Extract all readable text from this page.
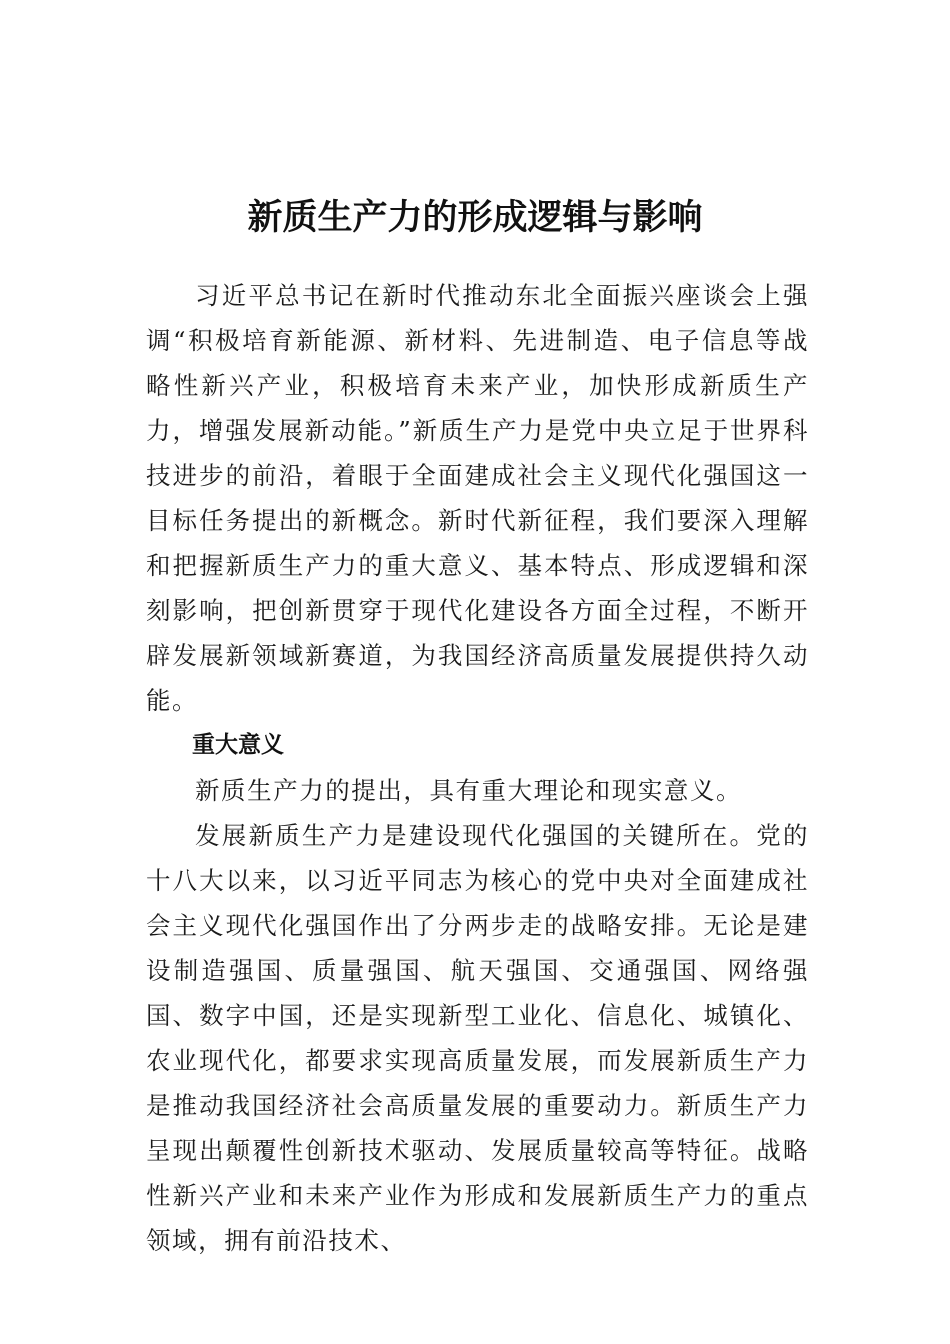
新质生产力的形成逻辑与影响

习近平总书记在新时代推动东北全面振兴座谈会上强调“积极培育新能源、新材料、先进制造、电子信息等战略性新兴产业，积极培育未来产业，加快形成新质生产力，增强发展新动能。”新质生产力是党中央立足于世界科技进步的前沿，着眼于全面建成社会主义现代化强国这一目标任务提出的新概念。新时代新征程，我们要深入理解和把握新质生产力的重大意义、基本特点、形成逻辑和深刻影响，把创新贯穿于现代化建设各方面全过程，不断开辟发展新领域新赛道，为我国经济高质量发展提供持久动能。

重大意义

新质生产力的提出，具有重大理论和现实意义。

发展新质生产力是建设现代化强国的关键所在。党的十八大以来，以习近平同志为核心的党中央对全面建成社会主义现代化强国作出了分两步走的战略安排。无论是建设制造强国、质量强国、航天强国、交通强国、网络强国、数字中国，还是实现新型工业化、信息化、城镇化、农业现代化，都要求实现高质量发展，而发展新质生产力是推动我国经济社会高质量发展的重要动力。新质生产力呈现出颠覆性创新技术驱动、发展质量较高等特征。战略性新兴产业和未来产业作为形成和发展新质生产力的重点领域，拥有前沿技术、
